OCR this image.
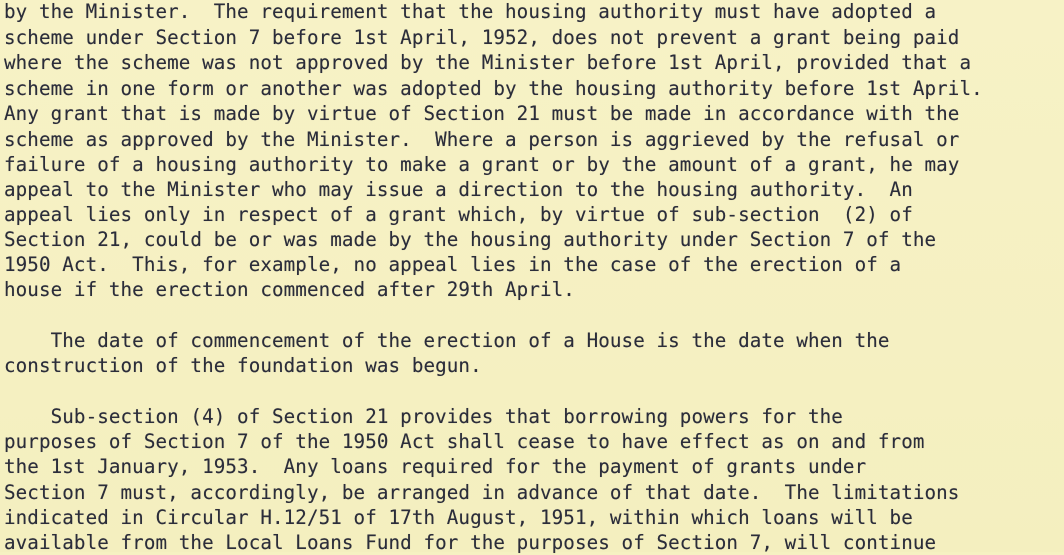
by the Minister.  The requirement that the housing authority must have adopted a
scheme under Section 7 before 1st April, 1952, does not prevent a grant being paid
where the scheme was not approved by the Minister before 1st April, provided that a
scheme in one form or another was adopted by the housing authority before 1st April.
Any grant that is made by virtue of Section 21 must be made in accordance with the
scheme as approved by the Minister.  Where a person is aggrieved by the refusal or
failure of a housing authority to make a grant or by the amount of a grant, he may
appeal to the Minister who may issue a direction to the housing authority.  An
appeal lies only in respect of a grant which, by virtue of sub-section  (2) of
Section 21, could be or was made by the housing authority under Section 7 of the
1950 Act.  This, for example, no appeal lies in the case of the erection of a
house if the erection commenced after 29th April.
The date of commencement of the erection of a House is the date when the
construction of the foundation was begun.
Sub-section (4) of Section 21 provides that borrowing powers for the
purposes of Section 7 of the 1950 Act shall cease to have effect as on and from
the 1st January, 1953.  Any loans required for the payment of grants under
Section 7 must, accordingly, be arranged in advance of that date.  The limitations
indicated in Circular H.12/51 of 17th August, 1951, within which loans will be
available from the Local Loans Fund for the purposes of Section 7, will continue
